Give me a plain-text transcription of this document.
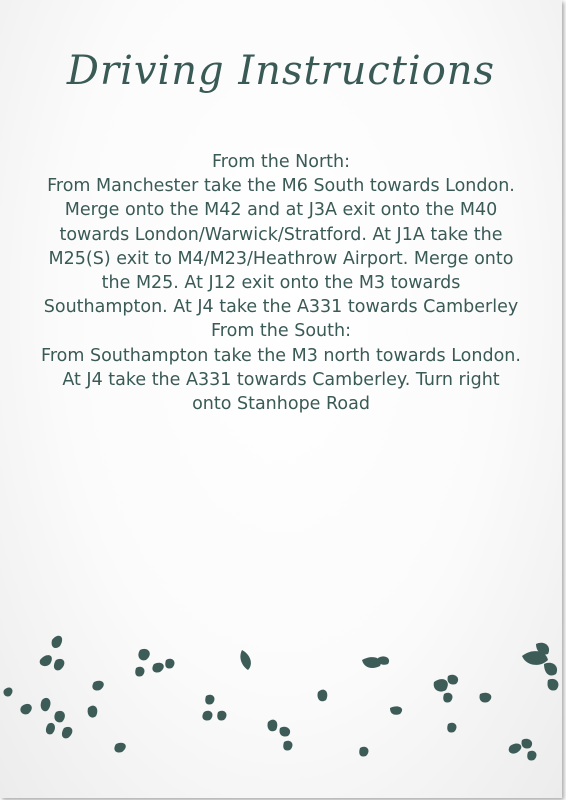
Driving Instructions
From the North:
From Manchester take the M6 South towards London. Merge onto the M42 and at J3A exit onto the M40 towards London/Warwick/Stratford. At J1A take the M25(S) exit to M4/M23/Heathrow Airport. Merge onto the M25. At J12 exit onto the M3 towards Southampton. At J4 take the A331 towards Camberley
From the South:
From Southampton take the M3 north towards London. At J4 take the A331 towards Camberley. Turn right onto Stanhope Road
